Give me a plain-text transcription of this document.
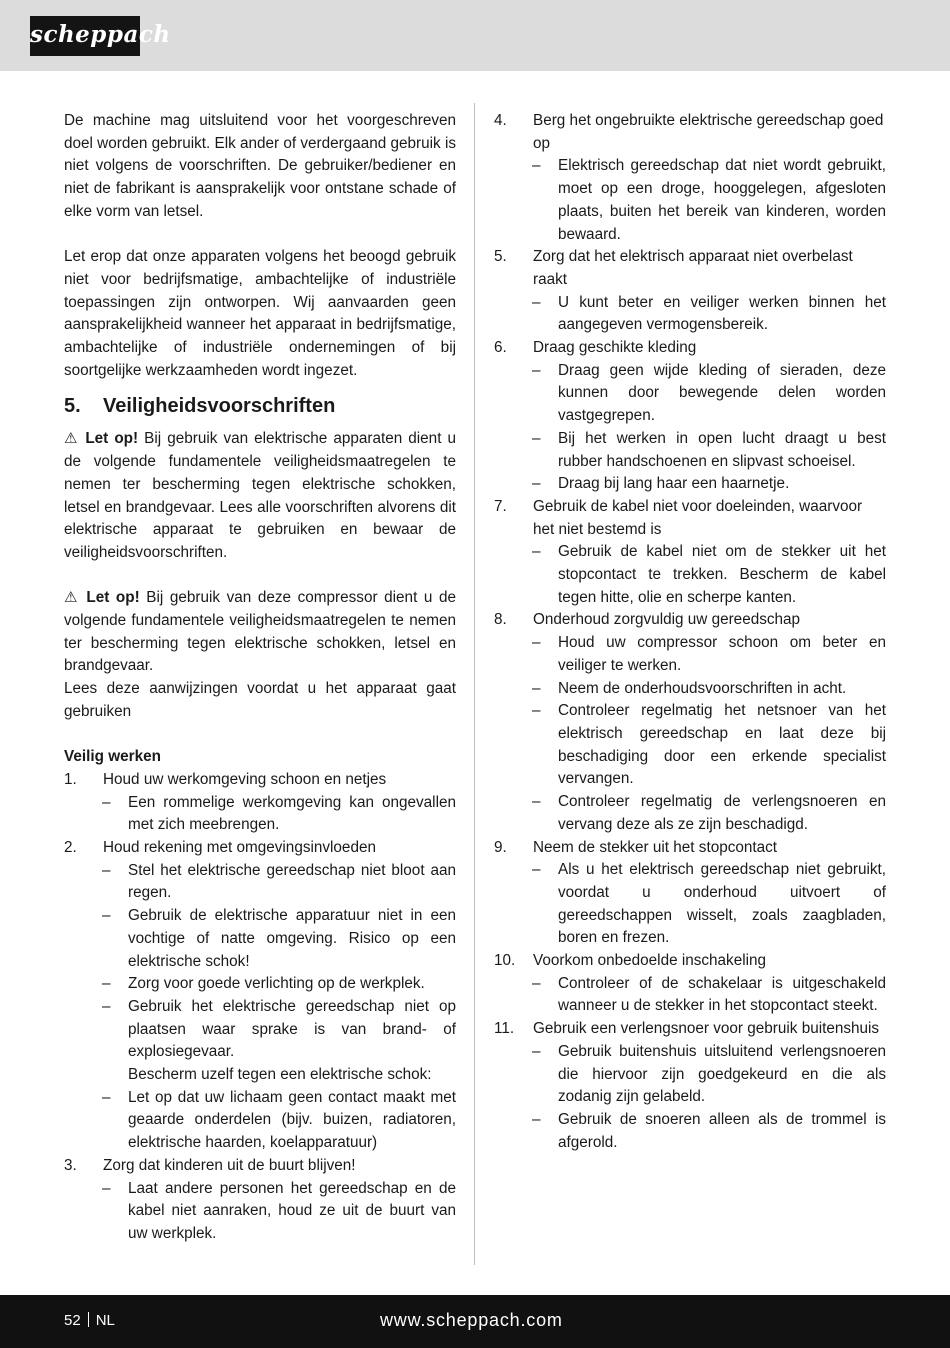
scheppach

De machine mag uitsluitend voor het voorgeschreven doel worden gebruikt. Elk ander of verdergaand gebruik is niet volgens de voorschriften. De gebruiker/bediener en niet de fabrikant is aansprakelijk voor ontstane schade of elke vorm van letsel.

Let erop dat onze apparaten volgens het beoogd gebruik niet voor bedrijfsmatige, ambachtelijke of industriële toepassingen zijn ontworpen. Wij aanvaarden geen aansprakelijkheid wanneer het apparaat in bedrijfsmatige, ambachtelijke of industriële ondernemingen of bij soortgelijke werkzaamheden wordt ingezet.

5. Veiligheidsvoorschriften

⚠ Let op! Bij gebruik van elektrische apparaten dient u de volgende fundamentele veiligheidsmaatregelen te nemen ter bescherming tegen elektrische schokken, letsel en brandgevaar. Lees alle voorschriften alvorens dit elektrische apparaat te gebruiken en bewaar de veiligheidsvoorschriften.

⚠ Let op! Bij gebruik van deze compressor dient u de volgende fundamentele veiligheidsmaatregelen te nemen ter bescherming tegen elektrische schokken, letsel en brandgevaar.

Lees deze aanwijzingen voordat u het apparaat gaat gebruiken

Veilig werken
1. Houd uw werkomgeving schoon en netjes
– Een rommelige werkomgeving kan ongevallen met zich meebrengen.
2. Houd rekening met omgevingsinvloeden
– Stel het elektrische gereedschap niet bloot aan regen.
– Gebruik de elektrische apparatuur niet in een vochtige of natte omgeving. Risico op een elektrische schok!
– Zorg voor goede verlichting op de werkplek.
– Gebruik het elektrische gereedschap niet op plaatsen waar sprake is van brand- of explosiegevaar.
Bescherm uzelf tegen een elektrische schok:
– Let op dat uw lichaam geen contact maakt met geaarde onderdelen (bijv. buizen, radiatoren, elektrische haarden, koelapparatuur)
3. Zorg dat kinderen uit de buurt blijven!
– Laat andere personen het gereedschap en de kabel niet aanraken, houd ze uit de buurt van uw werkplek.
4. Berg het ongebruikte elektrische gereedschap goed op
– Elektrisch gereedschap dat niet wordt gebruikt, moet op een droge, hooggelegen, afgesloten plaats, buiten het bereik van kinderen, worden bewaard.
5. Zorg dat het elektrisch apparaat niet overbelast raakt
– U kunt beter en veiliger werken binnen het aangegeven vermogensbereik.
6. Draag geschikte kleding
– Draag geen wijde kleding of sieraden, deze kunnen door bewegende delen worden vastgegrepen.
– Bij het werken in open lucht draagt u best rubber handschoenen en slipvast schoeisel.
– Draag bij lang haar een haarnetje.
7. Gebruik de kabel niet voor doeleinden, waarvoor het niet bestemd is
– Gebruik de kabel niet om de stekker uit het stopcontact te trekken. Bescherm de kabel tegen hitte, olie en scherpe kanten.
8. Onderhoud zorgvuldig uw gereedschap
– Houd uw compressor schoon om beter en veiliger te werken.
– Neem de onderhoudsvoorschriften in acht.
– Controleer regelmatig het netsnoer van het elektrisch gereedschap en laat deze bij beschadiging door een erkende specialist vervangen.
– Controleer regelmatig de verlengsnoeren en vervang deze als ze zijn beschadigd.
9. Neem de stekker uit het stopcontact
– Als u het elektrisch gereedschap niet gebruikt, voordat u onderhoud uitvoert of gereedschappen wisselt, zoals zaagbladen, boren en frezen.
10. Voorkom onbedoelde inschakeling
– Controleer of de schakelaar is uitgeschakeld wanneer u de stekker in het stopcontact steekt.
11. Gebruik een verlengsnoer voor gebruik buitenshuis
– Gebruik buitenshuis uitsluitend verlengsnoeren die hiervoor zijn goedgekeurd en die als zodanig zijn gelabeld.
– Gebruik de snoeren alleen als de trommel is afgerold.
52 NL	www.scheppach.com
